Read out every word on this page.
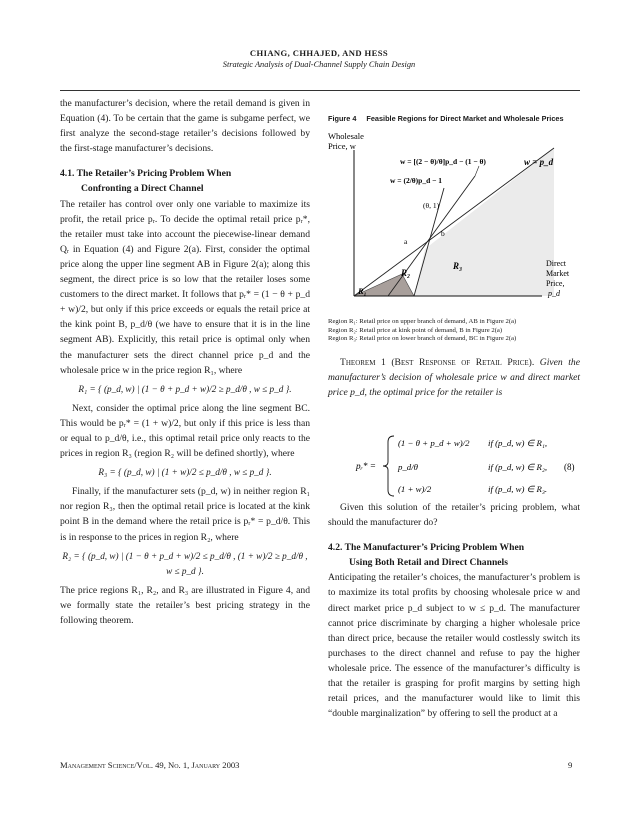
CHIANG, CHHAJED, AND HESS
Strategic Analysis of Dual-Channel Supply Chain Design

the manufacturer’s decision, where the retail demand is given in Equation (4). To be certain that the game is subgame perfect, we first analyze the second-stage retailer’s decisions followed by the first-stage manufacturer’s decisions.

4.1. The Retailer’s Pricing Problem When
Confronting a Direct Channel

The retailer has control over only one variable to maximize its profit, the retail price pᵣ. To decide the optimal retail price pᵣ*, the retailer must take into account the piecewise-linear demand Qᵣ in Equation (4) and Figure 2(a). First, consider the optimal price along the upper line segment AB in Figure 2(a); along this segment, the direct price is so low that the retailer loses some customers to the direct market. It follows that pᵣ* = (1 − θ + p_d + w)/2, but only if this price exceeds or equals the retail price at the kink point B, p_d/θ (we have to ensure that it is in the line segment AB). Explicitly, this retail price is optimal only when the manufacturer sets the direct channel price p_d and the wholesale price w in the price region R₁, where

R₁ = { (p_d, w) | (1 − θ + p_d + w)/2 ≥ p_d/θ , w ≤ p_d }.

Next, consider the optimal price along the line segment BC. This would be pᵣ* = (1 + w)/2, but only if this price is less than or equal to p_d/θ, i.e., this optimal retail price only reacts to the prices in region R₃ (region R₂ will be defined shortly), where

R₃ = { (p_d, w) | (1 + w)/2 ≤ p_d/θ , w ≤ p_d }.

Finally, if the manufacturer sets (p_d, w) in neither region R₁ nor region R₃, then the optimal retail price is located at the kink point B in the demand where the retail price is pᵣ* = p_d/θ. This is in response to the prices in region R₂, where

R₂ = { (p_d, w) | (1 − θ + p_d + w)/2 ≤ p_d/θ , (1 + w)/2 ≥ p_d/θ , w ≤ p_d }.

The price regions R₁, R₂, and R₃ are illustrated in Figure 4, and we formally state the retailer’s best pricing strategy in the following theorem.

Figure 4 Feasible Regions for Direct Market and Wholesale Prices
Wholesale
Price, w
w = [(2 − θ)/θ]p_d − (1 − θ)	w = p_d
w = (2/θ)p_d − 1
(θ, 1)
a
b
R₂
R₃
R₁
Direct
Market
Price,
p_d
Region R₁: Retail price on upper branch of demand, AB in Figure 2(a)
Region R₂: Retail price at kink point of demand, B in Figure 2(a)
Region R₃: Retail price on lower branch of demand, BC in Figure 2(a)

Theorem 1 (Best Response of Retail Price). Given the manufacturer’s decision of wholesale price w and direct market price p_d, the optimal price for the retailer is

pᵣ* =
(1 − θ + p_d + w)/2 if (p_d, w) ∈ R₁,
p_d/θ	if (p_d, w) ∈ R₂,
(1 + w)/2	if (p_d, w) ∈ R₃.
(8)

Given this solution of the retailer’s pricing problem, what should the manufacturer do?

4.2. The Manufacturer’s Pricing Problem When
Using Both Retail and Direct Channels

Anticipating the retailer’s choices, the manufacturer’s problem is to maximize its total profits by choosing wholesale price w and direct market price p_d subject to w ≤ p_d. The manufacturer cannot price discriminate by charging a higher wholesale price than direct price, because the retailer would costlessly switch its purchases to the direct channel and refuse to pay the higher wholesale price. The essence of the manufacturer’s difficulty is that the retailer is grasping for profit margins by setting high retail prices, and the manufacturer would like to limit this “double marginalization” by offering to sell the product at a

Management Science/Vol. 49, No. 1, January 2003	9
